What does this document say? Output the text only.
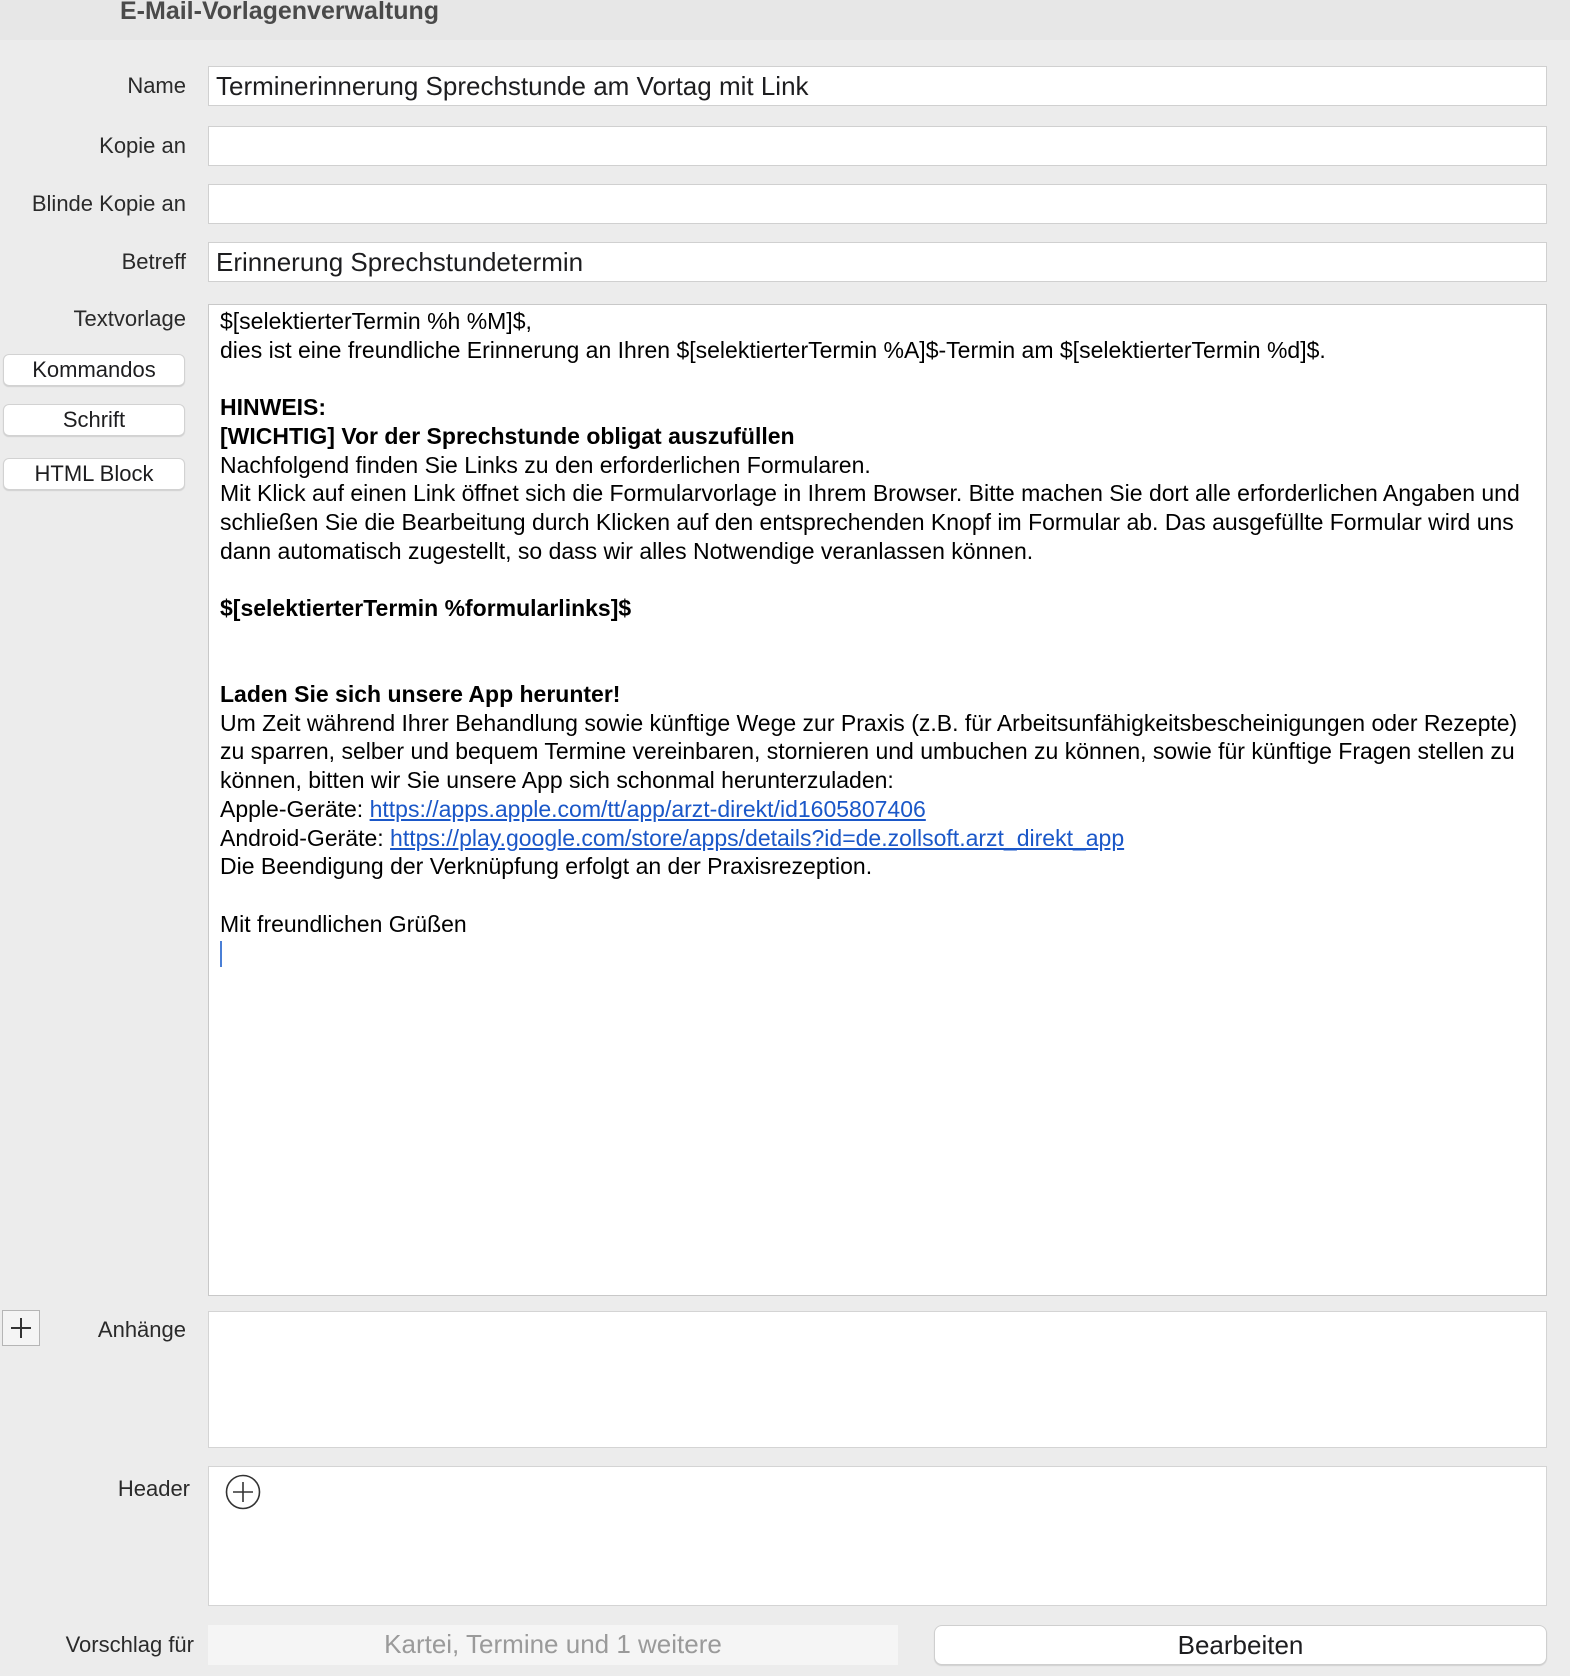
E-Mail-Vorlagenverwaltung
Name	Terminerinnerung Sprechstunde am Vortag mit Link
Kopie an
Blinde Kopie an
Betreff	Erinnerung Sprechstundetermin
Textvorlage
Kommandos
Schrift
HTML Block
$[selektierterTermin %h %M]$,
dies ist eine freundliche Erinnerung an Ihren $[selektierterTermin %A]$-Termin am $[selektierterTermin %d]$.
HINWEIS:
[WICHTIG] Vor der Sprechstunde obligat auszufüllen
Nachfolgend finden Sie Links zu den erforderlichen Formularen.
Mit Klick auf einen Link öffnet sich die Formularvorlage in Ihrem Browser. Bitte machen Sie dort alle erforderlichen Angaben und schließen Sie die Bearbeitung durch Klicken auf den entsprechenden Knopf im Formular ab. Das ausgefüllte Formular wird uns dann automatisch zugestellt, so dass wir alles Notwendige veranlassen können.
$[selektierterTermin %formularlinks]$
Laden Sie sich unsere App herunter!
Um Zeit während Ihrer Behandlung sowie künftige Wege zur Praxis (z.B. für Arbeitsunfähigkeitsbescheinigungen oder Rezepte) zu sparren, selber und bequem Termine vereinbaren, stornieren und umbuchen zu können, sowie für künftige Fragen stellen zu können, bitten wir Sie unsere App sich schonmal herunterzuladen:
Apple-Geräte: https://apps.apple.com/tt/app/arzt-direkt/id1605807406
Android-Geräte: https://play.google.com/store/apps/details?id=de.zollsoft.arzt_direkt_app
Die Beendigung der Verknüpfung erfolgt an der Praxisrezeption.
Mit freundlichen Grüßen
Anhänge
Header
Vorschlag für	Kartei, Termine und 1 weitere	Bearbeiten
